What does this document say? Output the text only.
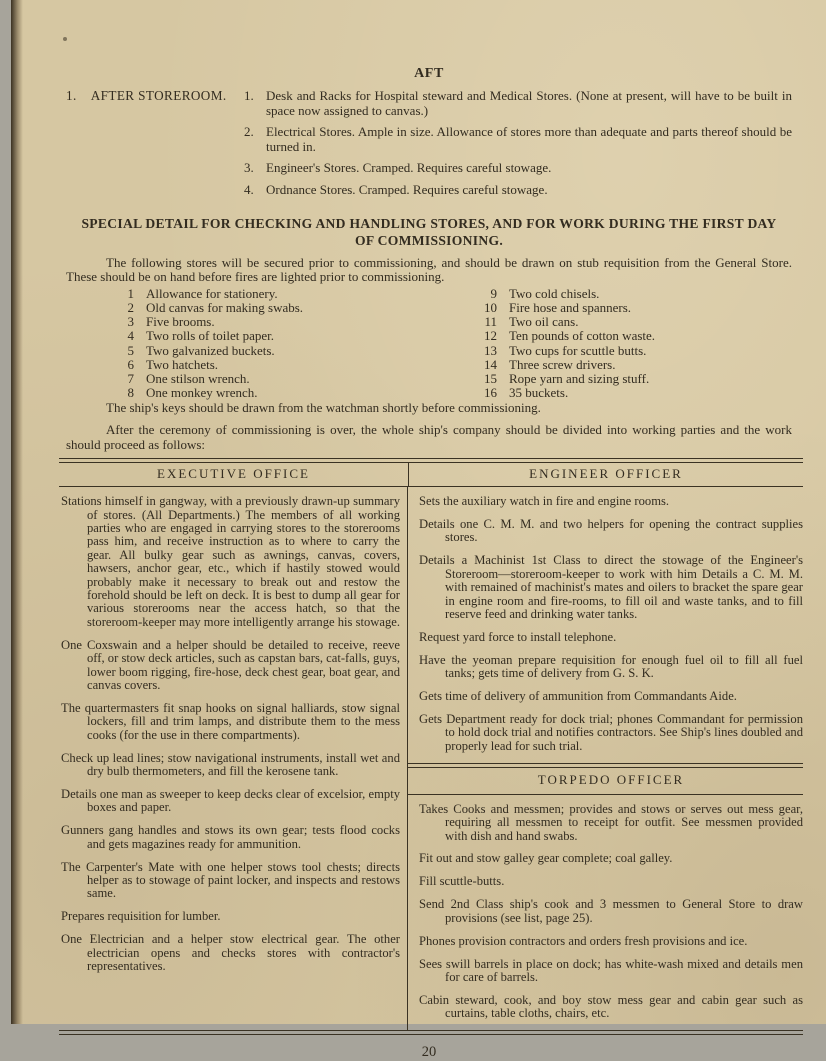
AFT
1. AFTER STOREROOM.	1. Desk and Racks for Hospital steward and Medical Stores. (None at present, will have to be built in space now assigned to canvas.)
2. Electrical Stores. Ample in size. Allowance of stores more than adequate and parts thereof should be turned in.
3. Engineer's Stores. Cramped. Requires careful stowage.
4. Ordnance Stores. Cramped. Requires careful stowage.
SPECIAL DETAIL FOR CHECKING AND HANDLING STORES, AND FOR WORK DURING THE FIRST DAY OF COMMISSIONING.

The following stores will be secured prior to commissioning, and should be drawn on stub requisition from the General Store. These should be on hand before fires are lighted prior to commissioning.

1 Allowance for stationery.
2 Old canvas for making swabs.
3 Five brooms.
4 Two rolls of toilet paper.
5 Two galvanized buckets.
6 Two hatchets.
7 One stilson wrench.
8 One monkey wrench.
9 Two cold chisels.
10 Fire hose and spanners.
11 Two oil cans.
12 Ten pounds of cotton waste.
13 Two cups for scuttle butts.
14 Three screw drivers.
15 Rope yarn and sizing stuff.
16 35 buckets.

The ship's keys should be drawn from the watchman shortly before commissioning.

After the ceremony of commissioning is over, the whole ship's company should be divided into working parties and the work should proceed as follows:

EXECUTIVE OFFICE	ENGINEER OFFICER

Stations himself in gangway, with a previously drawn-up summary of stores. (All Departments.) The members of all working parties who are engaged in carrying stores to the storerooms pass him, and receive instruction as to where to carry the gear. All bulky gear such as awnings, canvas, covers, hawsers, anchor gear, etc., which if hastily stowed would probably make it necessary to break out and restow the forehold should be left on deck. It is best to dump all gear for various storerooms near the access hatch, so that the storeroom-keeper may more intelligently arrange his stowage.

One Coxswain and a helper should be detailed to receive, reeve off, or stow deck articles, such as capstan bars, cat-falls, guys, lower boom rigging, fire-hose, deck chest gear, boat gear, and canvas covers.

The quartermasters fit snap hooks on signal halliards, stow signal lockers, fill and trim lamps, and distribute them to the mess cooks (for the use in there compartments).

Check up lead lines; stow navigational instruments, install wet and dry bulb thermometers, and fill the kerosene tank.

Details one man as sweeper to keep decks clear of excelsior, empty boxes and paper.

Gunners gang handles and stows its own gear; tests flood cocks and gets magazines ready for ammunition.

The Carpenter's Mate with one helper stows tool chests; directs helper as to stowage of paint locker, and inspects and restows same.

Prepares requisition for lumber.

One Electrician and a helper stow electrical gear. The other electrician opens and checks stores with contractor's representatives.

Sets the auxiliary watch in fire and engine rooms.

Details one C. M. M. and two helpers for opening the contract supplies stores.

Details a Machinist 1st Class to direct the stowage of the Engineer's Storeroom—storeroom-keeper to work with him Details a C. M. M. with remained of machinist's mates and oilers to bracket the spare gear in engine room and fire-rooms, to fill oil and waste tanks, and to fill reserve feed and drinking water tanks.

Request yard force to install telephone.

Have the yeoman prepare requisition for enough fuel oil to fill all fuel tanks; gets time of delivery from G. S. K.

Gets time of delivery of ammunition from Commandants Aide.

Gets Department ready for dock trial; phones Commandant for permission to hold dock trial and notifies contractors. See Ship's lines doubled and properly lead for such trial.

TORPEDO OFFICER

Takes Cooks and messmen; provides and stows or serves out mess gear, requiring all messmen to receipt for outfit. See messmen provided with dish and hand swabs.

Fit out and stow galley gear complete; coal galley.

Fill scuttle-butts.

Send 2nd Class ship's cook and 3 messmen to General Store to draw provisions (see list, page 25).

Phones provision contractors and orders fresh provisions and ice.

Sees swill barrels in place on dock; has white-wash mixed and details men for care of barrels.

Cabin steward, cook, and boy stow mess gear and cabin gear such as curtains, table cloths, chairs, etc.

20
